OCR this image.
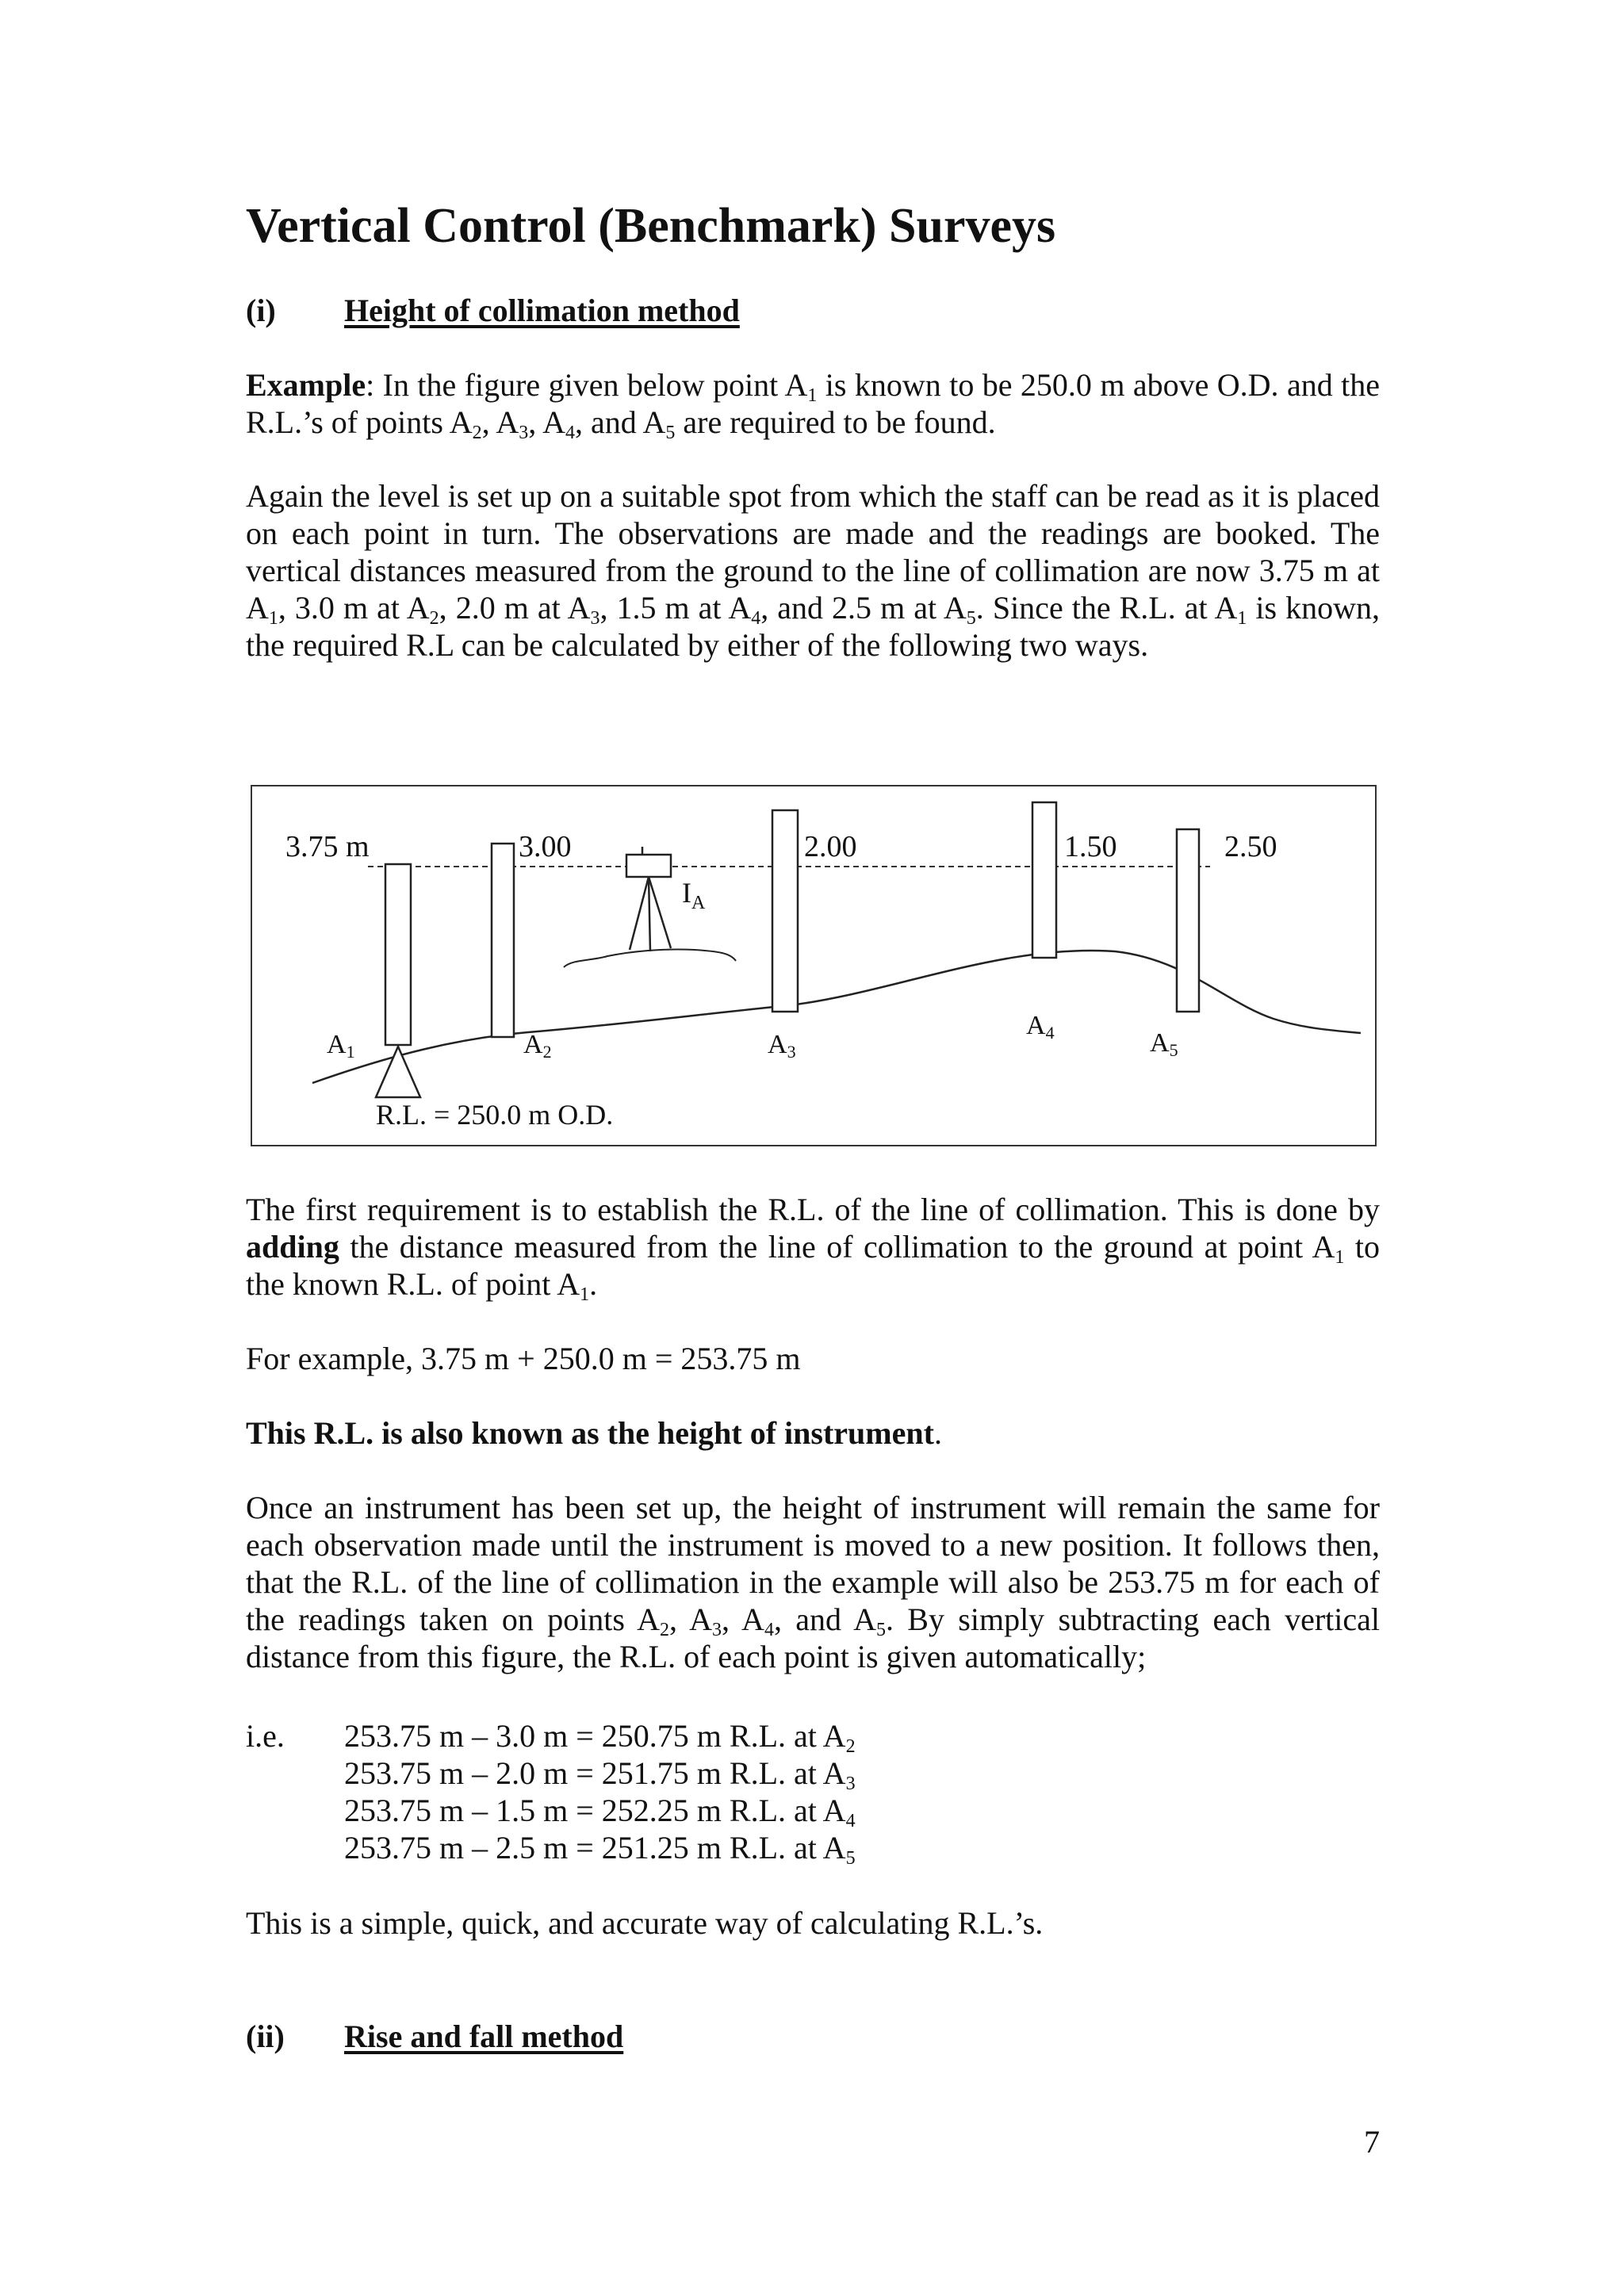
Vertical Control (Benchmark) Surveys
(i) Height of collimation method

Example: In the figure given below point $A_1$ is known to be 250.0 m above O.D. and the R.L.’s of points $A_2$, $A_3$, $A_4$, and $A_5$ are required to be found.

Again the level is set up on a suitable spot from which the staff can be read as it is placed on each point in turn. The observations are made and the readings are booked. The vertical distances measured from the ground to the line of collimation are now 3.75 m at $A_1$, 3.0 m at $A_2$, 2.0 m at $A_3$, 1.5 m at $A_4$, and 2.5 m at $A_5$. Since the R.L. at $A_1$ is known, the required R.L can be calculated by either of the following two ways.

3.75 m	3.00	2.00	1.50	2.50
$I_A$
A1	A2	A3
A4	A5
R.L. = 250.0 m O.D.

The first requirement is to establish the R.L. of the line of collimation. This is done by adding the distance measured from the line of collimation to the ground at point $A_1$ to the known R.L. of point $A_1$.

For example, 3.75 m + 250.0 m = 253.75 m

This R.L. is also known as the height of instrument.

Once an instrument has been set up, the height of instrument will remain the same for each observation made until the instrument is moved to a new position. It follows then, that the R.L. of the line of collimation in the example will also be 253.75 m for each of the readings taken on points $A_2$, $A_3$, $A_4$, and $A_5$. By simply subtracting each vertical distance from this figure, the R.L. of each point is given automatically;

i.e. 253.75 m – 3.0 m = 250.75 m R.L. at $A_2$
253.75 m – 2.0 m = 251.75 m R.L. at $A_3$
253.75 m – 1.5 m = 252.25 m R.L. at $A_4$
253.75 m – 2.5 m = 251.25 m R.L. at $A_5$

This is a simple, quick, and accurate way of calculating R.L.’s.

(ii) Rise and fall method
7
